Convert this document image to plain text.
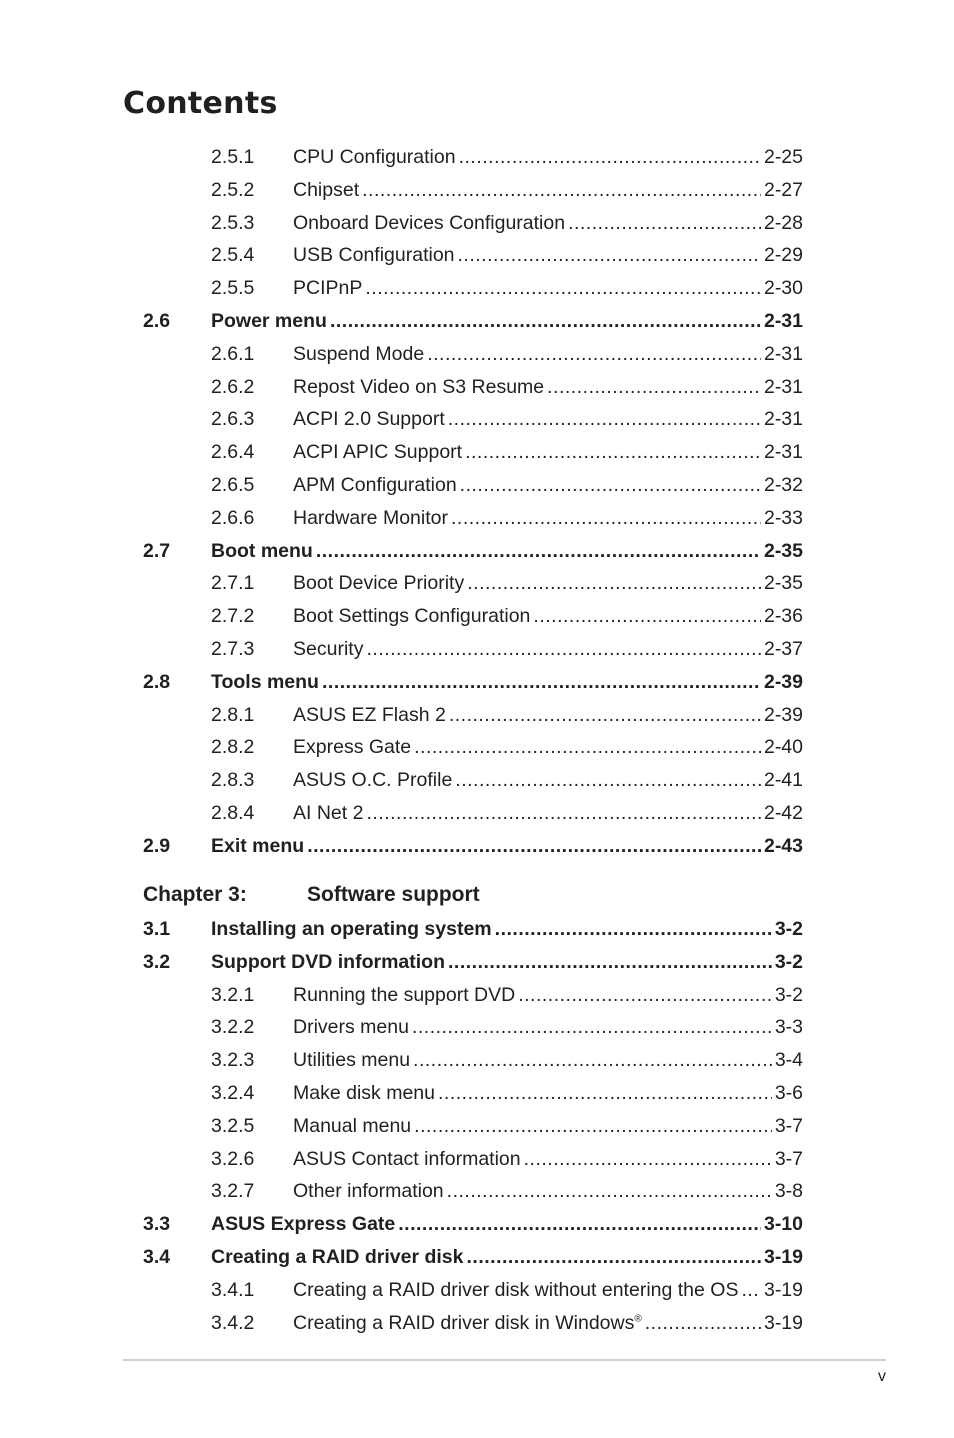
Contents
2.5.1 CPU Configuration .....	2-25
2.5.2 Chipset .....	2-27
2.5.3 Onboard Devices Configuration .....	2-28
2.5.4 USB Configuration .....	2-29
2.5.5 PCIPnP .....	2-30
2.6 Power menu .....	2-31
2.6.1 Suspend Mode .....	2-31
2.6.2 Repost Video on S3 Resume .....	2-31
2.6.3 ACPI 2.0 Support .....	2-31
2.6.4 ACPI APIC Support .....	2-31
2.6.5 APM Configuration .....	2-32
2.6.6 Hardware Monitor .....	2-33
2.7 Boot menu .....	2-35
2.7.1 Boot Device Priority .....	2-35
2.7.2 Boot Settings Configuration .....	2-36
2.7.3 Security .....	2-37
2.8 Tools menu .....	2-39
2.8.1 ASUS EZ Flash 2 .....	2-39
2.8.2 Express Gate .....	2-40
2.8.3 ASUS O.C. Profile .....	2-41
2.8.4 AI Net 2 .....	2-42
2.9 Exit menu .....	2-43
3.1 Installing an operating system .....	3-2
3.2 Support DVD information .....	3-2
3.2.1 Running the support DVD .....	3-2
3.2.2 Drivers menu .....	3-3
3.2.3 Utilities menu .....	3-4
3.2.4 Make disk menu .....	3-6
3.2.5 Manual menu .....	3-7
3.2.6 ASUS Contact information .....	3-7
3.2.7 Other information .....	3-8
3.3 ASUS Express Gate .....	3-10
3.4 Creating a RAID driver disk .....	3-19
3.4.1 Creating a RAID driver disk without entering the OS ..... 3-19
3.4.2 Creating a RAID driver disk in Windows® .....	3-19
Chapter 3:	Software support
v
